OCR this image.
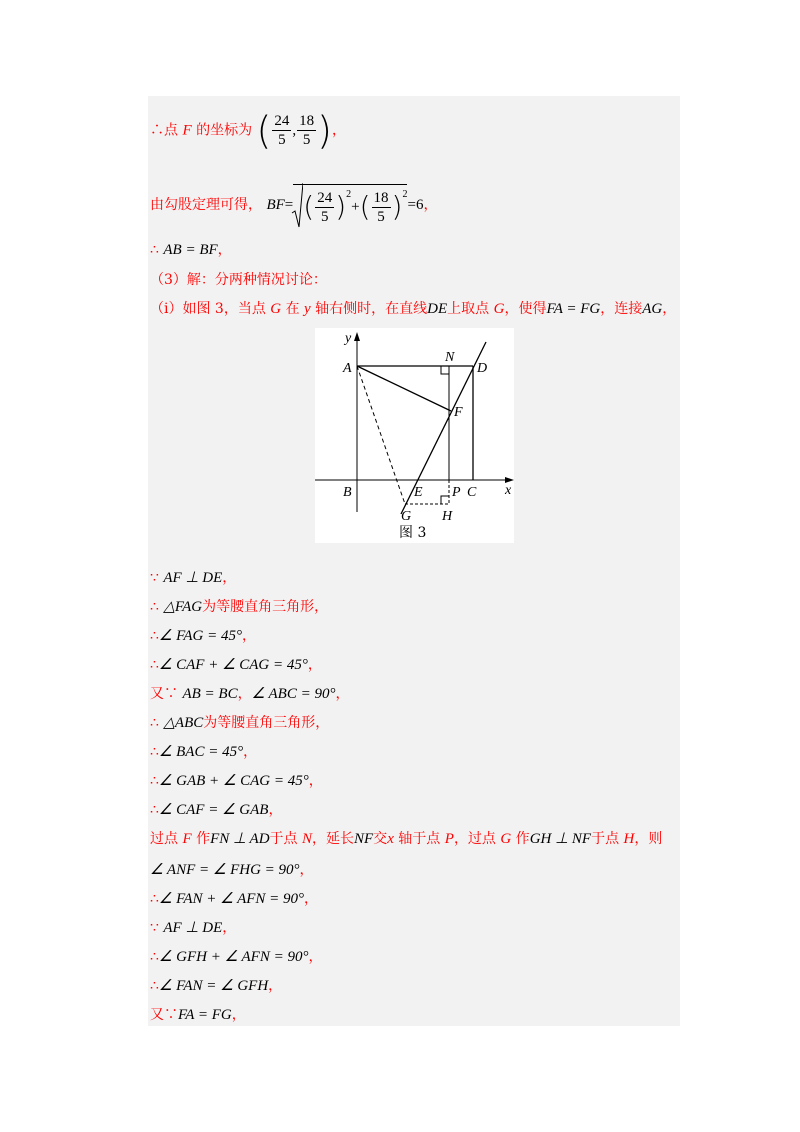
∴点 F 的坐标为 ( $\frac{24}{5}$ , $\frac{18}{5}$ )，
由勾股定理可得， BF= ( $\frac{24}{5} )^2+( \frac{18}{5} )^2=6$，
∴ AB = BF，
（3）解：分两种情况讨论：
（i）如图 3，当点 G 在 y 轴右侧时，在直线DE上取点 G，使得FA = FG，连接AG，
y
x
A
N
D
F
B	E P C
G H
图 3
∵ AF ⊥ DE，
∴ △FAG为等腰直角三角形，
∴∠ FAG = 45°，
∴∠ CAF + ∠ CAG = 45°，
又∵ AB = BC，∠ ABC = 90°，
∴ △ABC为等腰直角三角形，
∴∠ BAC = 45°，
∴∠ GAB + ∠ CAG = 45°，
∴∠ CAF = ∠ GAB，
过点 F 作FN ⊥ AD于点 N，延长NF交x 轴于点 P，过点 G 作GH ⊥ NF于点 H，则
∠ ANF = ∠ FHG = 90°，
∴∠ FAN + ∠ AFN = 90°，
∵ AF ⊥ DE，
∴∠ GFH + ∠ AFN = 90°，
∴∠ FAN = ∠ GFH，
又∵FA = FG，
